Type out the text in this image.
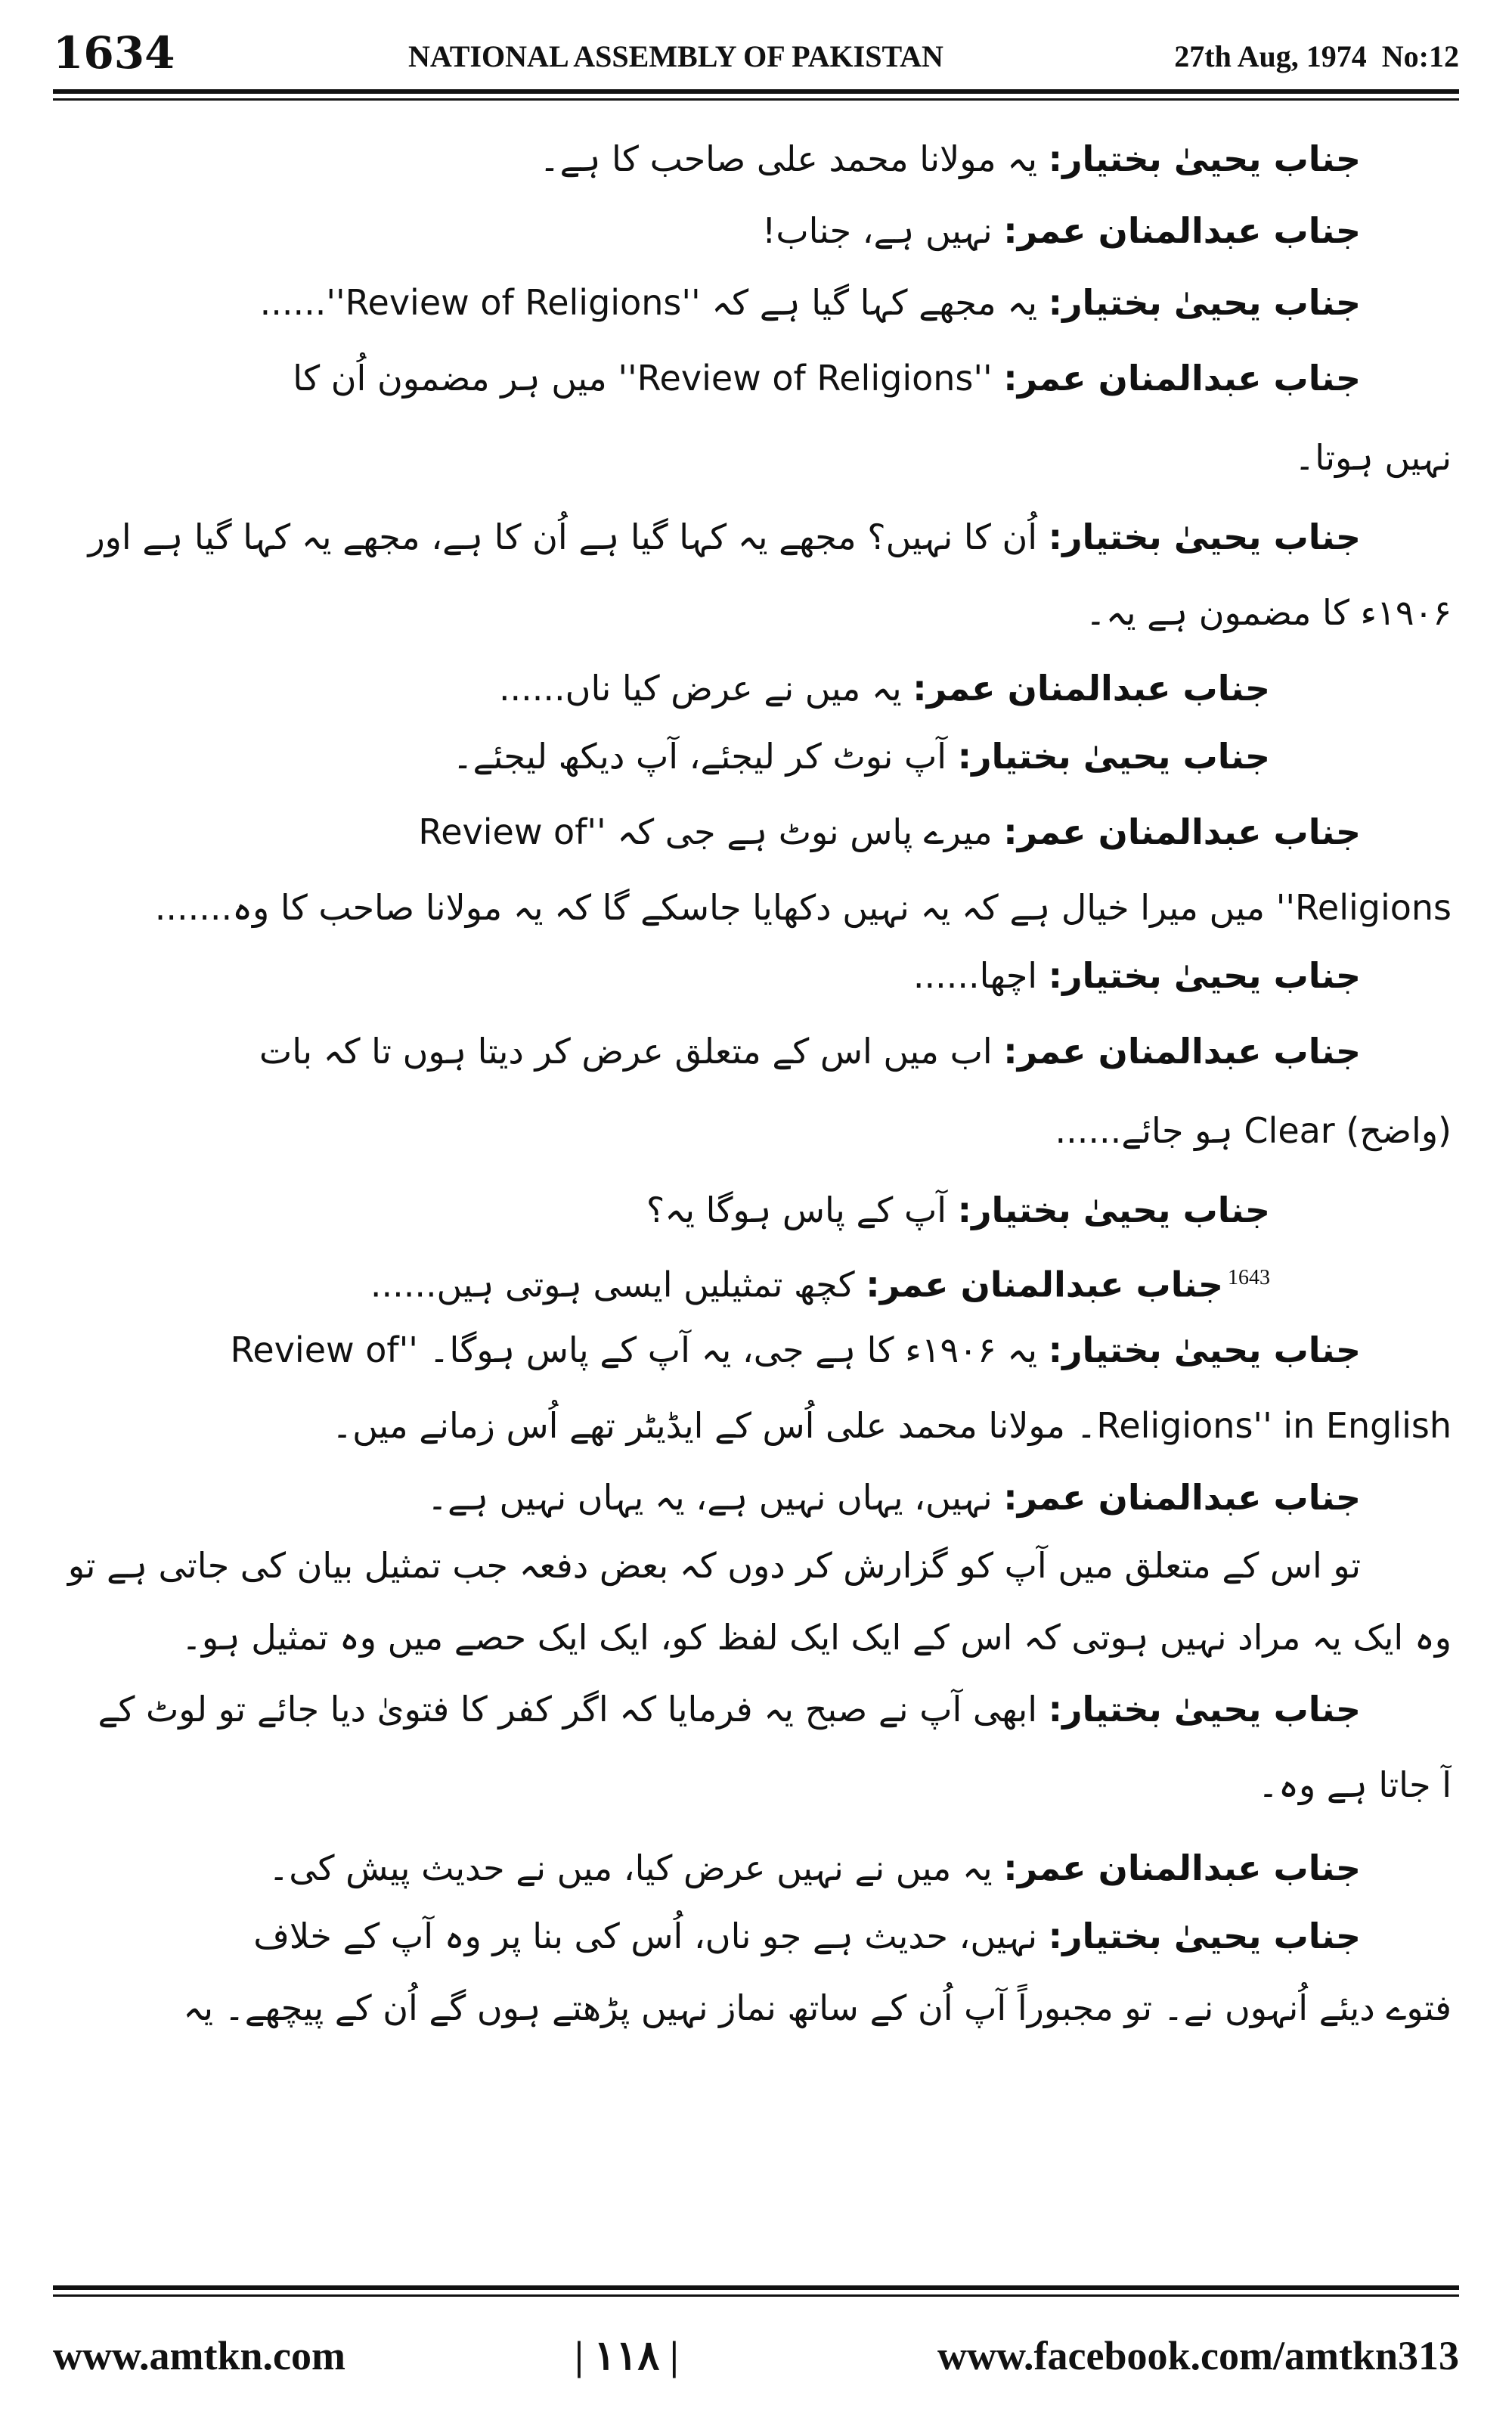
1634	NATIONAL ASSEMBLY OF PAKISTAN	27th Aug, 1974 No:12
جناب یحییٰ بختیار: یہ مولانا محمد علی صاحب کا ہے۔
جناب عبدالمنان عمر: نہیں ہے، جناب!
جناب یحییٰ بختیار: یہ مجھے کہا گیا ہے کہ ''Review of Religions''......
جناب عبدالمنان عمر: ''Review of Religions'' میں ہر مضمون اُن کا
نہیں ہوتا۔
جناب یحییٰ بختیار: اُن کا نہیں؟ مجھے یہ کہا گیا ہے اُن کا ہے، مجھے یہ کہا گیا ہے اور
۱۹۰۶ء کا مضمون ہے یہ۔
جناب عبدالمنان عمر: یہ میں نے عرض کیا ناں......
جناب یحییٰ بختیار: آپ نوٹ کر لیجئے، آپ دیکھ لیجئے۔
جناب عبدالمنان عمر: میرے پاس نوٹ ہے جی کہ ''Review of
Religions'' میں میرا خیال ہے کہ یہ نہیں دکھایا جاسکے گا کہ یہ مولانا صاحب کا وہ.......
جناب یحییٰ بختیار: اچھا......
جناب عبدالمنان عمر: اب میں اس کے متعلق عرض کر دیتا ہوں تا کہ بات
(واضح) Clear ہو جائے......
جناب یحییٰ بختیار: آپ کے پاس ہوگا یہ؟
$^{1643}$جناب عبدالمنان عمر: کچھ تمثیلیں ایسی ہوتی ہیں......
جناب یحییٰ بختیار: یہ ۱۹۰۶ء کا ہے جی، یہ آپ کے پاس ہوگا۔ ''Review of
Religions'' in English۔ مولانا محمد علی اُس کے ایڈیٹر تھے اُس زمانے میں۔
جناب عبدالمنان عمر: نہیں، یہاں نہیں ہے، یہ یہاں نہیں ہے۔
تو اس کے متعلق میں آپ کو گزارش کر دوں کہ بعض دفعہ جب تمثیل بیان کی جاتی ہے تو
وہ ایک یہ مراد نہیں ہوتی کہ اس کے ایک ایک لفظ کو، ایک ایک حصے میں وہ تمثیل ہو۔
جناب یحییٰ بختیار: ابھی آپ نے صبح یہ فرمایا کہ اگر کفر کا فتویٰ دیا جائے تو لوٹ کے
آ جاتا ہے وہ۔
جناب عبدالمنان عمر: یہ میں نے نہیں عرض کیا، میں نے حدیث پیش کی۔
جناب یحییٰ بختیار: نہیں، حدیث ہے جو ناں، اُس کی بنا پر وہ آپ کے خلاف
فتوے دیئے اُنہوں نے۔ تو مجبوراً آپ اُن کے ساتھ نماز نہیں پڑھتے ہوں گے اُن کے پیچھے۔ یہ
www.amtkn.com	| ۱۱۸ |	www.facebook.com/amtkn313
